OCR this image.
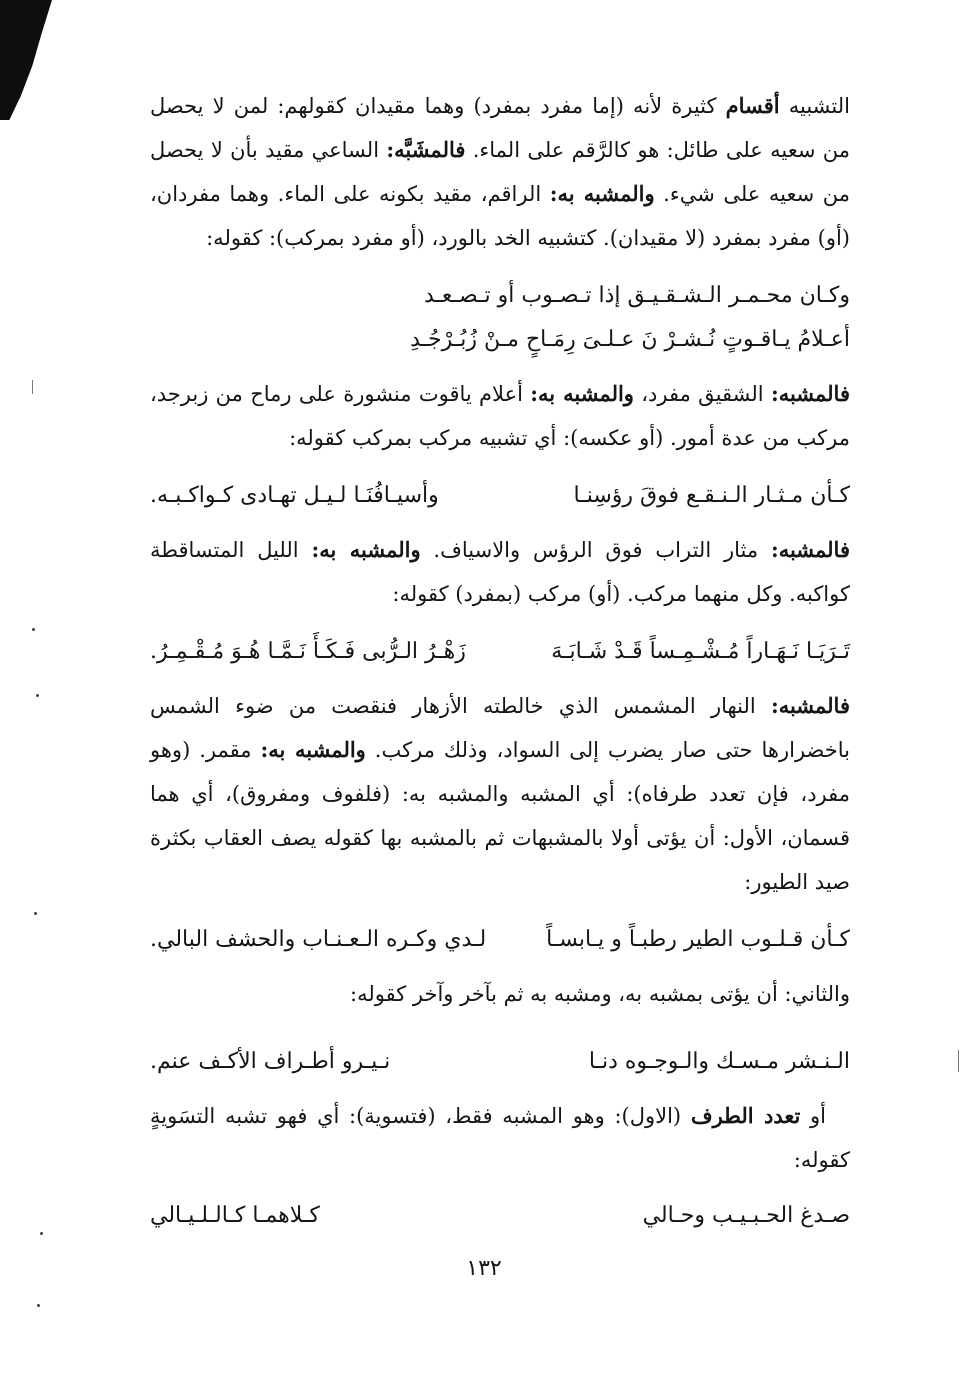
التشبيه أقسام كثيرة لأنه (إما مفرد بمفرد) وهما مقيدان كقولهم: لمن لا يحصل من سعيه على طائل: هو كالرَّقم على الماء. فالمشَبَّه: الساعي مقيد بأن لا يحصل من سعيه على شيء. والمشبه به: الراقم، مقيد بكونه على الماء. وهما مفردان، (أو) مفرد بمفرد (لا مقيدان). كتشبيه الخد بالورد، (أو مفرد بمركب): كقوله:

وكـان محـمـر الـشـقـيـق إذا تـصـوب أو تـصـعـد
أعـلامُ يـاقـوتٍ نُـشـرْ نَ عـلـىَ رِمَـاحٍ مـنْ زُبُـرْجُـدِ

فالمشبه: الشقيق مفرد، والمشبه به: أعلام ياقوت منشورة على رماح من زبرجد، مركب من عدة أمور. (أو عكسه): أي تشبيه مركب بمركب كقوله:

كـأن مـثـار الـنـقـع فوقَ رؤسِنـا
وأسيـافُنَـا لـيـل تهـادى كـواكـبـه.

فالمشبه: مثار التراب فوق الرؤس والاسياف. والمشبه به: الليل المتساقطة كواكبه. وكل منهما مركب. (أو) مركب (بمفرد) كقوله:

تَـرَيَـا نَـهَـاراً مُـشْـمِـساً قَـدْ شَـابَـهَ
زَهْـرُ الـرُّبى فَـكَـأَ نَـمَّـا هُـوَ مُـقْـمِـرُ.

فالمشبه: النهار المشمس الذي خالطته الأزهار فنقصت من ضوء الشمس باخضرارها حتى صار يضرب إلى السواد، وذلك مركب. والمشبه به: مقمر. (وهو مفرد، فإن تعدد طرفاه): أي المشبه والمشبه به: (فلفوف ومفروق)، أي هما قسمان، الأول: أن يؤتى أولا بالمشبهات ثم بالمشبه بها كقوله يصف العقاب بكثرة صيد الطيور:

كـأن قـلـوب الطير رطبـاً و يـابسـاً
لـدي وكـره الـعـنـاب والحشف البالي.

والثاني: أن يؤتى بمشبه به، ومشبه به ثم بآخر وآخر كقوله:

الـنـشر مـسـك والـوجـوه دنـا
نـيـرو أطـراف الأكـف عنم.

أو تعدد الطرف (الاول): وهو المشبه فقط، (فتسوية): أي فهو تشبه التسَويةٍ كقوله:

صـدغ الحـبـيـب وحـالي
كـلاهمـا كـالـلـيـالي
١٣٢
